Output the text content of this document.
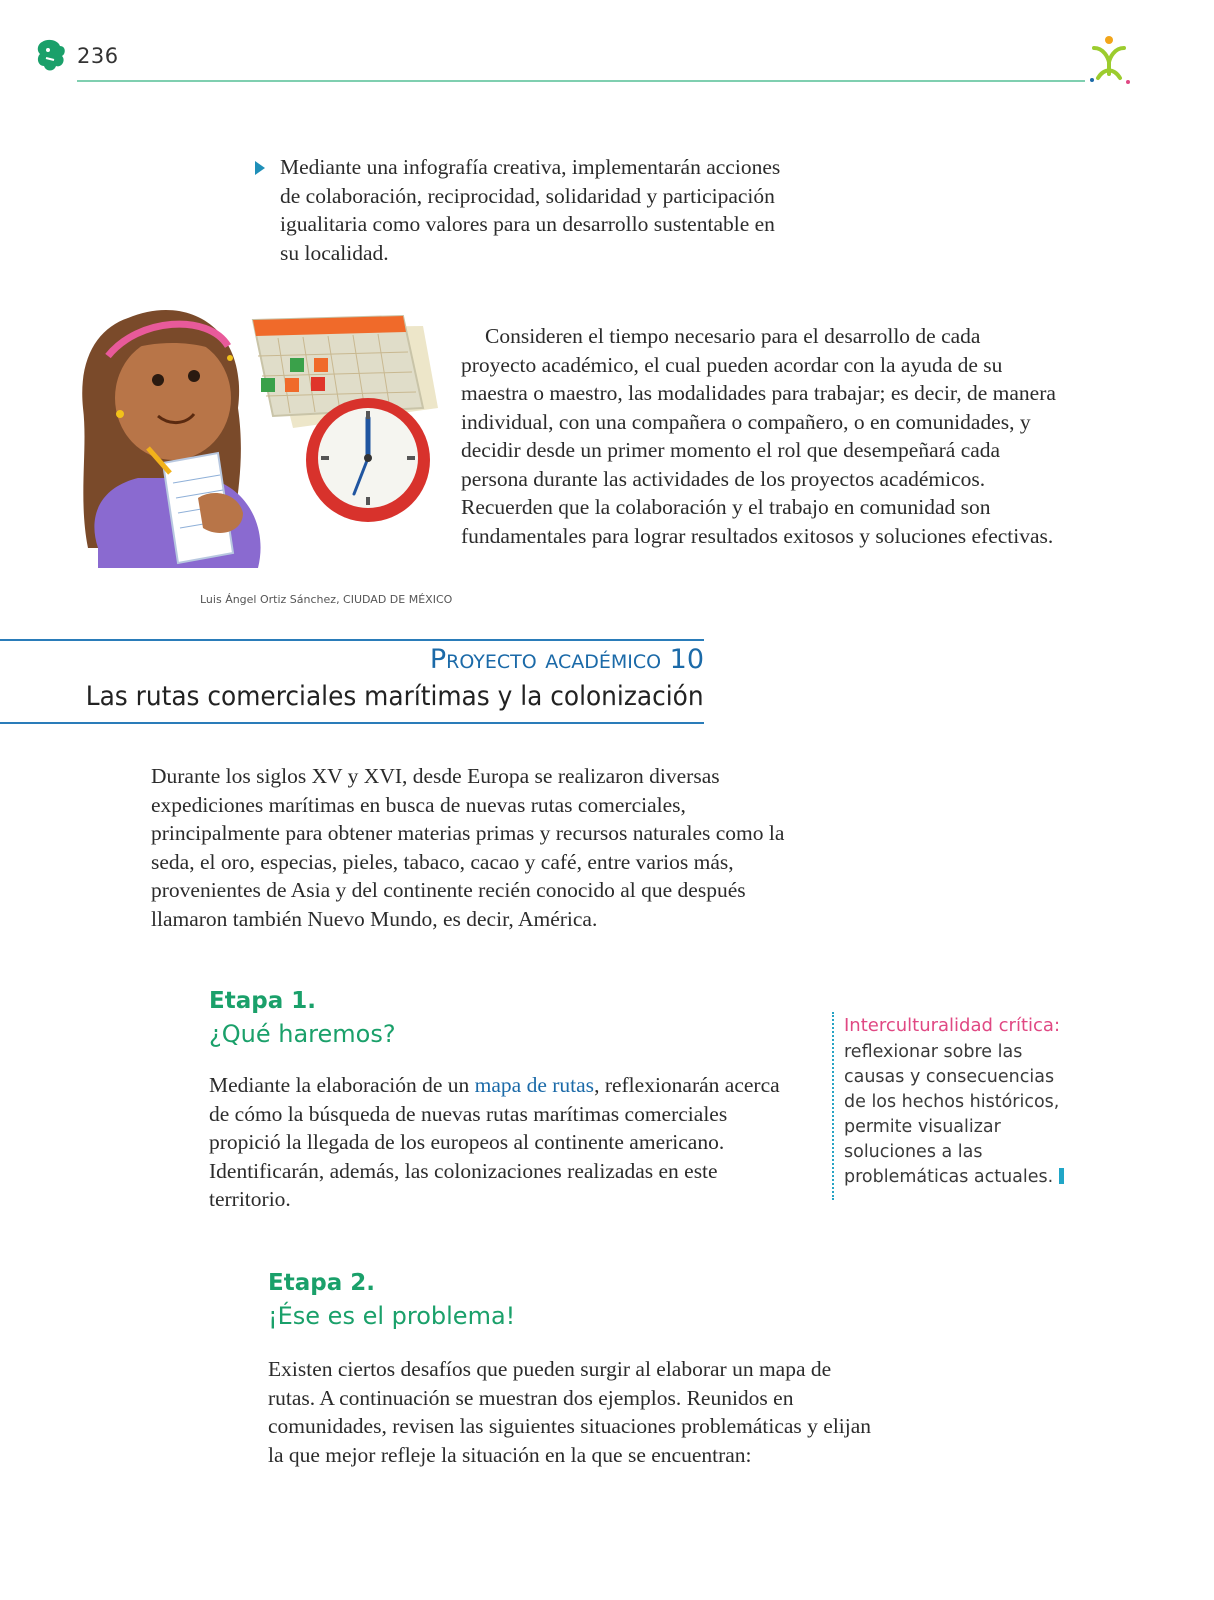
236
Mediante una infografía creativa, implementarán acciones de colaboración, reciprocidad, solidaridad y participación igualitaria como valores para un desarrollo sustentable en su localidad.
Luis Ángel Ortiz Sánchez, CIUDAD DE MÉXICO
Consideren el tiempo necesario para el desarrollo de cada proyecto académico, el cual pueden acordar con la ayuda de su maestra o maestro, las modalidades para trabajar; es decir, de manera individual, con una compañera o compañero, o en comunidades, y decidir desde un primer momento el rol que desempeñará cada persona durante las actividades de los proyectos académicos. Recuerden que la colaboración y el trabajo en comunidad son fundamentales para lograr resultados exitosos y soluciones efectivas.
Proyecto académico 10
Las rutas comerciales marítimas y la colonización
Durante los siglos XV y XVI, desde Europa se realizaron diversas expediciones marítimas en busca de nuevas rutas comerciales, principalmente para obtener materias primas y recursos naturales como la seda, el oro, especias, pieles, tabaco, cacao y café, entre varios más, provenientes de Asia y del continente recién conocido al que después llamaron también Nuevo Mundo, es decir, América.
Etapa 1.
¿Qué haremos?
Mediante la elaboración de un mapa de rutas, reflexionarán acerca de cómo la búsqueda de nuevas rutas marítimas comerciales propició la llegada de los europeos al continente americano. Identificarán, además, las colonizaciones realizadas en este territorio.
Interculturalidad crítica:
reflexionar sobre las causas y consecuencias de los hechos históricos, permite visualizar soluciones a las problemáticas actuales.
Etapa 2.
¡Ése es el problema!
Existen ciertos desafíos que pueden surgir al elaborar un mapa de rutas. A continuación se muestran dos ejemplos. Reunidos en comunidades, revisen las siguientes situaciones problemáticas y elijan la que mejor refleje la situación en la que se encuentran:
